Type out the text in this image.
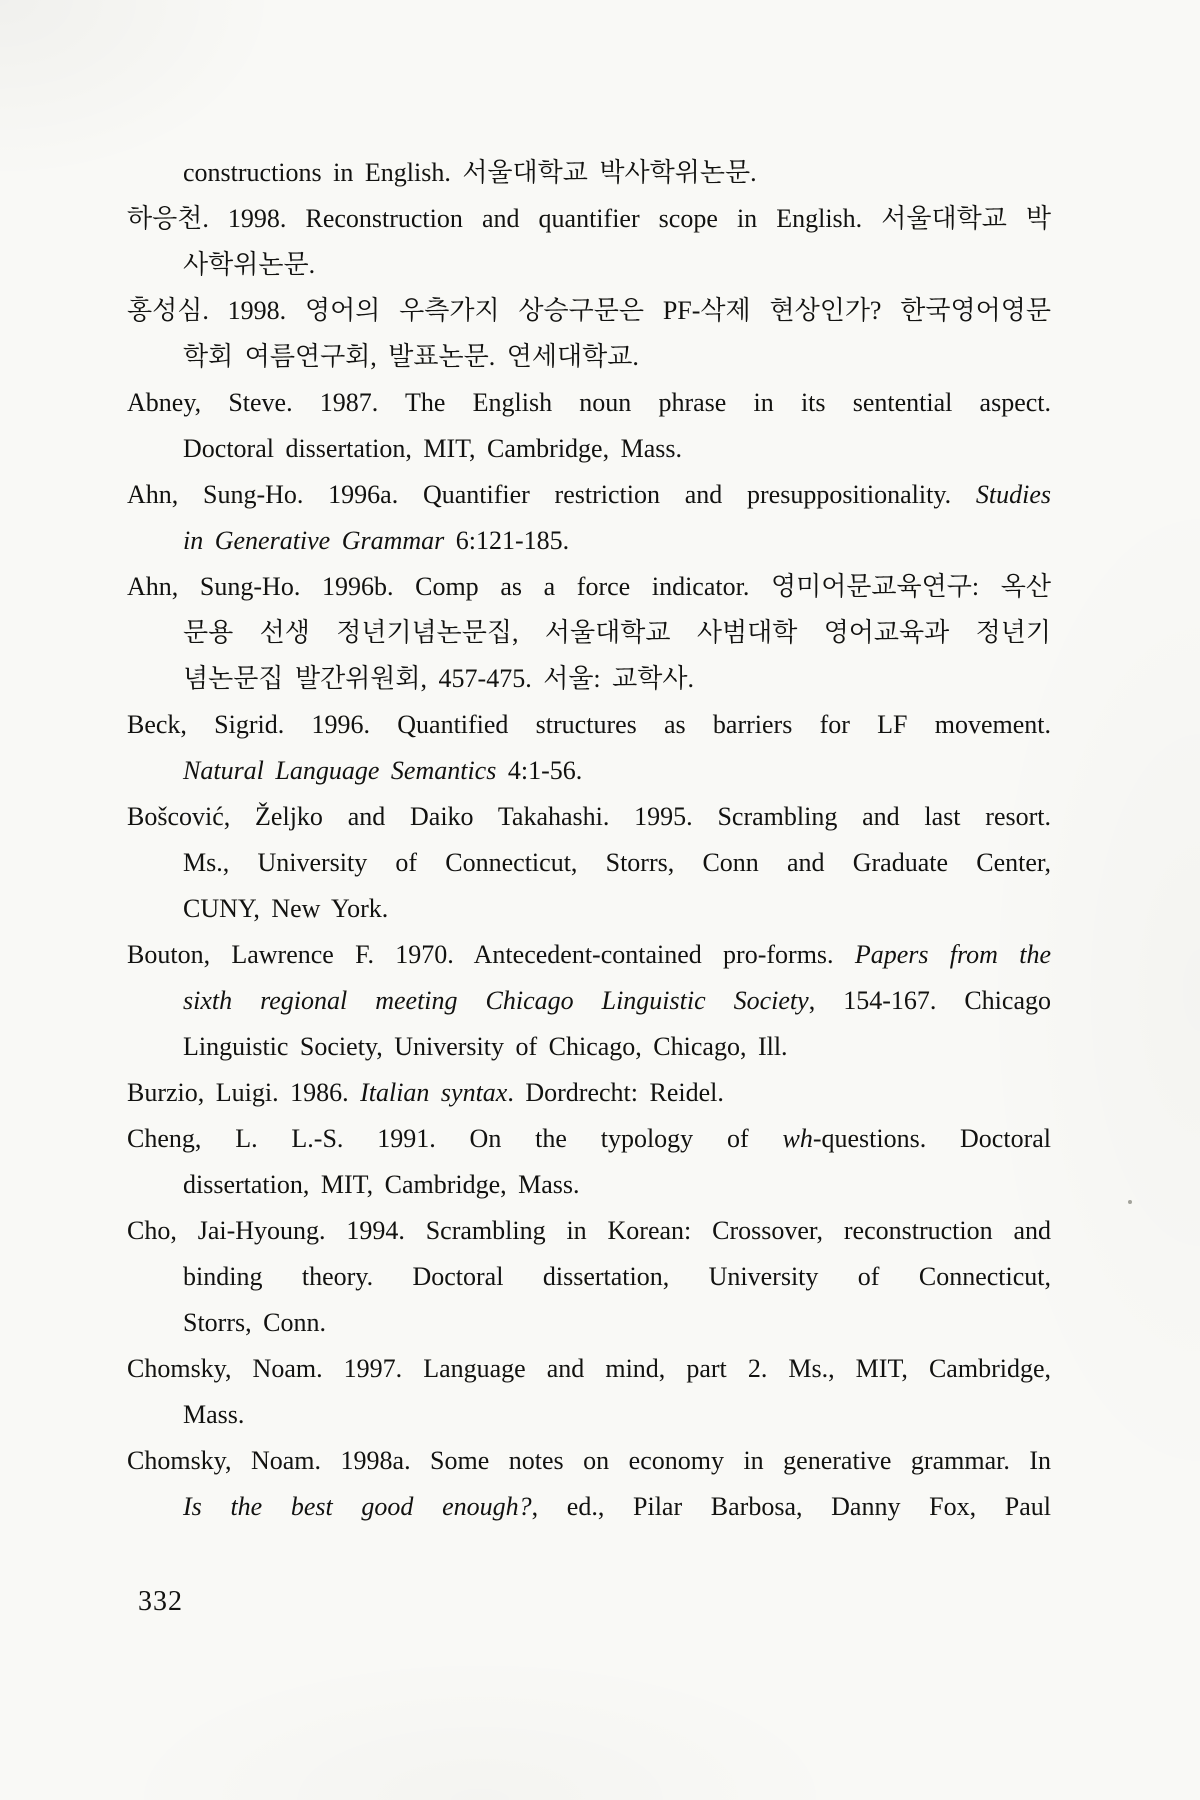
constructions in English. 서울대학교 박사학위논문.
하응천. 1998. Reconstruction and quantifier scope in English. 서울대학교 박
사학위논문.
홍성심. 1998. 영어의 우측가지 상승구문은 PF-삭제 현상인가? 한국영어영문
학회 여름연구회, 발표논문. 연세대학교.
Abney, Steve. 1987. The English noun phrase in its sentential aspect.
Doctoral dissertation, MIT, Cambridge, Mass.
Ahn, Sung-Ho. 1996a. Quantifier restriction and presuppositionality. Studies
in Generative Grammar 6:121-185.
Ahn, Sung-Ho. 1996b. Comp as a force indicator. 영미어문교육연구: 옥산
문용 선생 정년기념논문집, 서울대학교 사범대학 영어교육과 정년기
념논문집 발간위원회, 457-475. 서울: 교학사.
Beck, Sigrid. 1996. Quantified structures as barriers for LF movement.
Natural Language Semantics 4:1-56.
Bošcović, Željko and Daiko Takahashi. 1995. Scrambling and last resort.
Ms., University of Connecticut, Storrs, Conn and Graduate Center,
CUNY, New York.
Bouton, Lawrence F. 1970. Antecedent-contained pro-forms. Papers from the
sixth regional meeting Chicago Linguistic Society, 154-167. Chicago
Linguistic Society, University of Chicago, Chicago, Ill.
Burzio, Luigi. 1986. Italian syntax. Dordrecht: Reidel.
Cheng, L. L.-S. 1991. On the typology of wh-questions. Doctoral
dissertation, MIT, Cambridge, Mass.
Cho, Jai-Hyoung. 1994. Scrambling in Korean: Crossover, reconstruction and
binding theory. Doctoral dissertation, University of Connecticut,
Storrs, Conn.
Chomsky, Noam. 1997. Language and mind, part 2. Ms., MIT, Cambridge,
Mass.
Chomsky, Noam. 1998a. Some notes on economy in generative grammar. In
Is the best good enough?, ed., Pilar Barbosa, Danny Fox, Paul
332
